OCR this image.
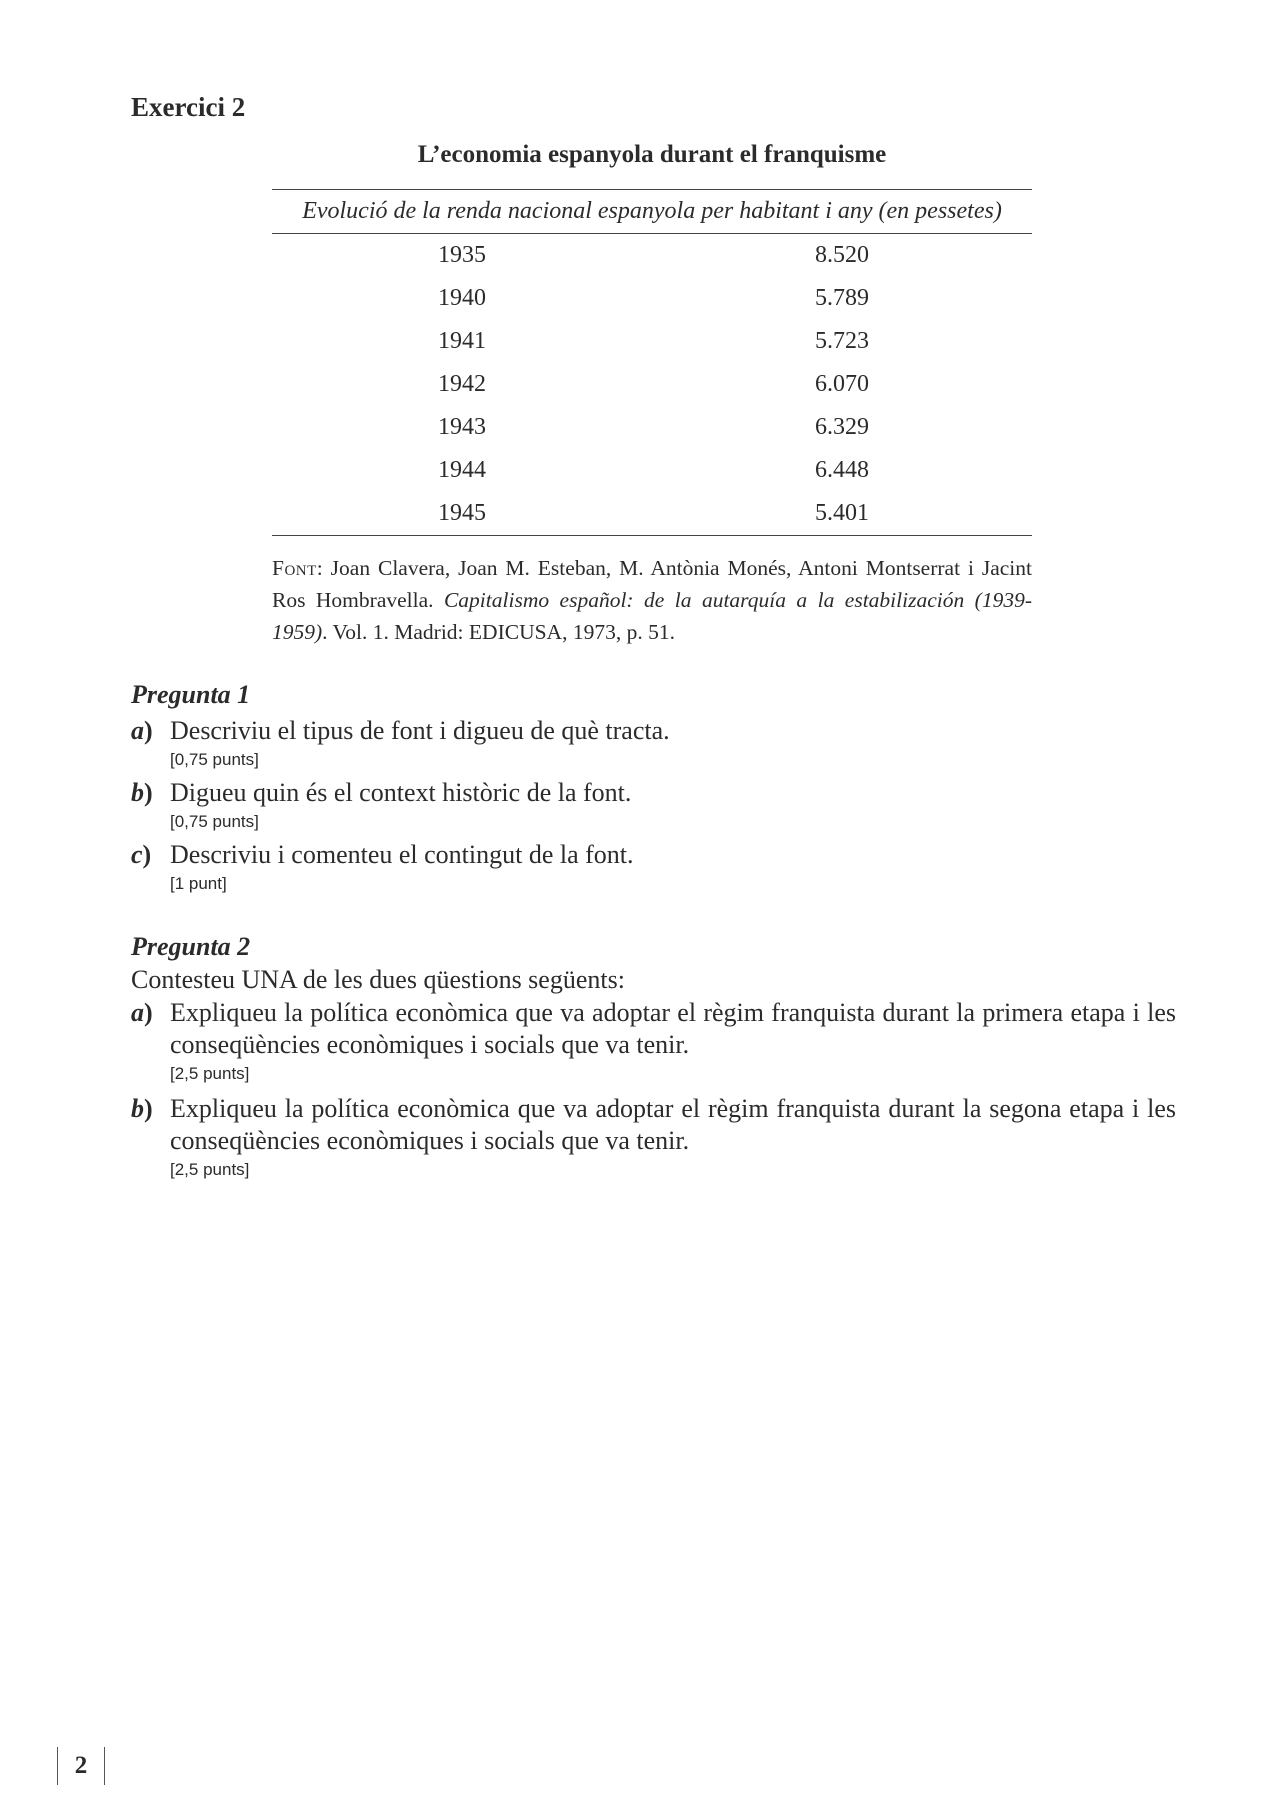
Exercici 2
L’economia espanyola durant el franquisme
Evolució de la renda nacional espanyola per habitant i any (en pessetes)	
1935	8.520
1940	5.789
1941	5.723
1942	6.070
1943	6.329
1944	6.448
1945	5.401

Font: Joan Clavera, Joan M. Esteban, M. Antònia Monés, Antoni Montserrat i Jacint Ros Hombravella. Capitalismo español: de la autarquía a la estabilización (1939-1959). Vol. 1. Madrid: EDICUSA, 1973, p. 51.

Pregunta 1
a) Descriviu el tipus de font i digueu de què tracta.
[0,75 punts]
b) Digueu quin és el context històric de la font.
[0,75 punts]
c) Descriviu i comenteu el contingut de la font.
[1 punt]
Pregunta 2

Contesteu UNA de les dues qüestions següents:

a) Expliqueu la política econòmica que va adoptar el règim franquista durant la primera etapa i les conseqüències econòmiques i socials que va tenir.
[2,5 punts]
b) Expliqueu la política econòmica que va adoptar el règim franquista durant la segona etapa i les conseqüències econòmiques i socials que va tenir.
[2,5 punts]
2
